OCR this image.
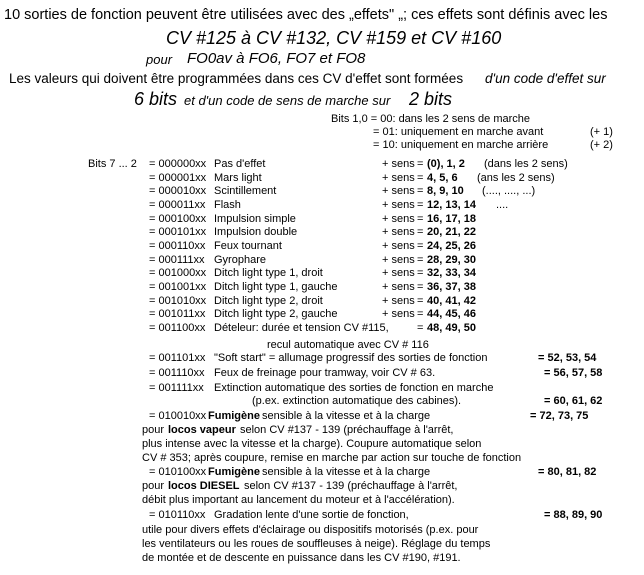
10 sorties de fonction peuvent être utilisées avec des „effets" „; ces effets sont définis avec les
CV #125 à CV #132, CV #159 et CV #160
pour FO0av à FO6, FO7 et FO8
Les valeurs qui doivent être programmées dans ces CV d'effet sont formées d'un code d'effet sur
6 bits et d'un code de sens de marche sur 2 bits
Bits 1,0 = 00: dans les 2 sens de marche
= 01: uniquement en marche avant	(+ 1)
= 10: uniquement en marche arrière	(+ 2)
Bits 7 ... 2 = 000000xx Pas d'effet	+ sens = (0), 1, 2 (dans les 2 sens)
= 000001xx Mars light	+ sens = 4, 5, 6 (ans les 2 sens)
= 000010xx Scintillement	+ sens = 8, 9, 10 (...., ...., ...)
= 000011xx Flash	+ sens = 12, 13, 14 ....
= 000100xx Impulsion simple	+ sens = 16, 17, 18
= 000101xx Impulsion double	+ sens = 20, 21, 22
= 000110xx Feux tournant	+ sens = 24, 25, 26
= 000111xx Gyrophare	+ sens = 28, 29, 30
= 001000xx Ditch light type 1, droit	+ sens = 32, 33, 34
= 001001xx Ditch light type 1, gauche	+ sens = 36, 37, 38
= 001010xx Ditch light type 2, droit	+ sens = 40, 41, 42
= 001011xx Ditch light type 2, gauche	+ sens = 44, 45, 46
= 001100xx Dételeur: durée et tension CV #115,	= 48, 49, 50
recul automatique avec CV # 116
= 001101xx "Soft start" = allumage progressif des sorties de fonction	= 52, 53, 54
= 001110xx Feux de freinage pour tramway, voir CV # 63.	= 56, 57, 58
= 001111xx Extinction automatique des sorties de fonction en marche
(p.ex. extinction automatique des cabines).	= 60, 61, 62
= 010010xx Fumigène sensible à la vitesse et à la charge	= 72, 73, 75
pour locos vapeur selon CV #137 - 139 (préchauffage à l'arrêt,
plus intense avec la vitesse et la charge). Coupure automatique selon
CV # 353; après coupure, remise en marche par action sur touche de fonction
= 010100xx Fumigène sensible à la vitesse et à la charge	= 80, 81, 82
pour locos DIESEL selon CV #137 - 139 (préchauffage à l'arrêt,
débit plus important au lancement du moteur et à l'accélération).
= 010110xx Gradation lente d'une sortie de fonction,	= 88, 89, 90
utile pour divers effets d'éclairage ou dispositifs motorisés (p.ex. pour
les ventilateurs ou les roues de souffleuses à neige). Réglage du temps
de montée et de descente en puissance dans les CV #190, #191.
